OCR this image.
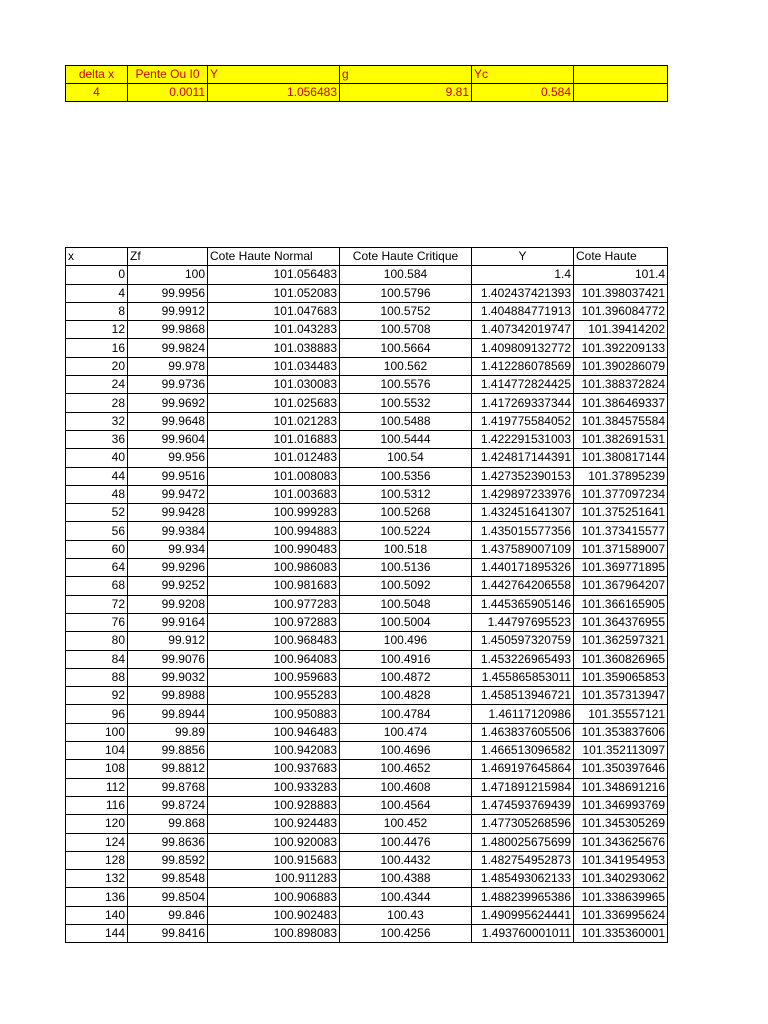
delta x	Pente Ou I0	Y	g	Yc	
4	0.0011	1.056483	9.81	0.584	
x	Zf	Cote Haute Normal	Cote Haute Critique	Y	Cote Haute
0	100	101.056483	100.584	1.4	101.4
4	99.9956	101.052083	100.5796	1.402437421393	101.398037421
8	99.9912	101.047683	100.5752	1.404884771913	101.396084772
12	99.9868	101.043283	100.5708	1.407342019747	101.39414202
16	99.9824	101.038883	100.5664	1.409809132772	101.392209133
20	99.978	101.034483	100.562	1.412286078569	101.390286079
24	99.9736	101.030083	100.5576	1.414772824425	101.388372824
28	99.9692	101.025683	100.5532	1.417269337344	101.386469337
32	99.9648	101.021283	100.5488	1.419775584052	101.384575584
36	99.9604	101.016883	100.5444	1.422291531003	101.382691531
40	99.956	101.012483	100.54	1.424817144391	101.380817144
44	99.9516	101.008083	100.5356	1.427352390153	101.37895239
48	99.9472	101.003683	100.5312	1.429897233976	101.377097234
52	99.9428	100.999283	100.5268	1.432451641307	101.375251641
56	99.9384	100.994883	100.5224	1.435015577356	101.373415577
60	99.934	100.990483	100.518	1.437589007109	101.371589007
64	99.9296	100.986083	100.5136	1.440171895326	101.369771895
68	99.9252	100.981683	100.5092	1.442764206558	101.367964207
72	99.9208	100.977283	100.5048	1.445365905146	101.366165905
76	99.9164	100.972883	100.5004	1.44797695523	101.364376955
80	99.912	100.968483	100.496	1.450597320759	101.362597321
84	99.9076	100.964083	100.4916	1.453226965493	101.360826965
88	99.9032	100.959683	100.4872	1.455865853011	101.359065853
92	99.8988	100.955283	100.4828	1.458513946721	101.357313947
96	99.8944	100.950883	100.4784	1.46117120986	101.35557121
100	99.89	100.946483	100.474	1.463837605506	101.353837606
104	99.8856	100.942083	100.4696	1.466513096582	101.352113097
108	99.8812	100.937683	100.4652	1.469197645864	101.350397646
112	99.8768	100.933283	100.4608	1.471891215984	101.348691216
116	99.8724	100.928883	100.4564	1.474593769439	101.346993769
120	99.868	100.924483	100.452	1.477305268596	101.345305269
124	99.8636	100.920083	100.4476	1.480025675699	101.343625676
128	99.8592	100.915683	100.4432	1.482754952873	101.341954953
132	99.8548	100.911283	100.4388	1.485493062133	101.340293062
136	99.8504	100.906883	100.4344	1.488239965386	101.338639965
140	99.846	100.902483	100.43	1.490995624441	101.336995624
144	99.8416	100.898083	100.4256	1.493760001011	101.335360001
